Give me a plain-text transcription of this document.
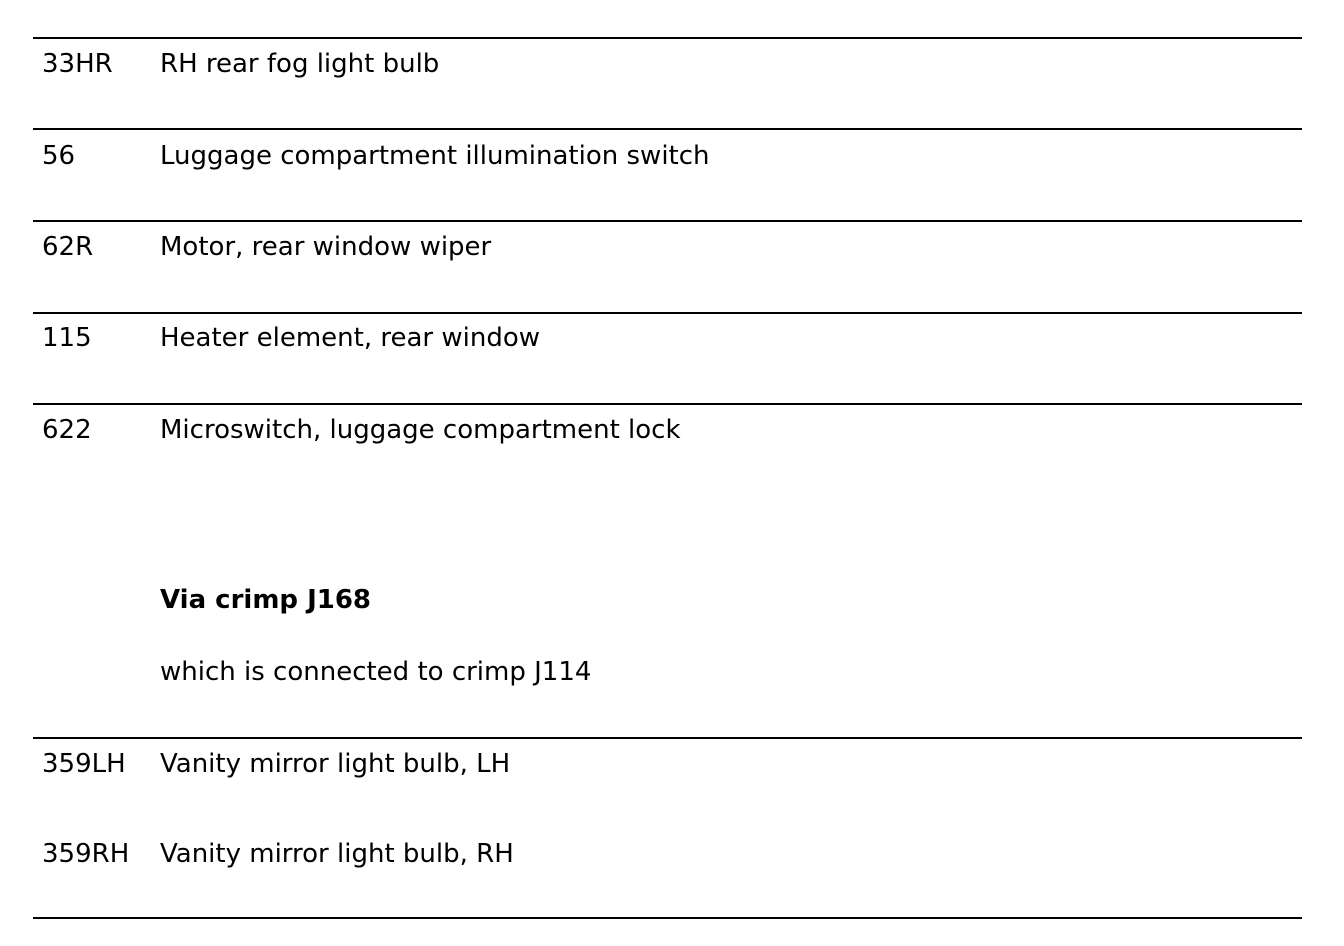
33HR RH rear fog light bulb
56	Luggage compartment illumination switch
62R	Motor, rear window wiper
115	Heater element, rear window
622	Microswitch, luggage compartment lock
Via crimp J168
which is connected to crimp J114
359LH Vanity mirror light bulb, LH
359RH Vanity mirror light bulb, RH
